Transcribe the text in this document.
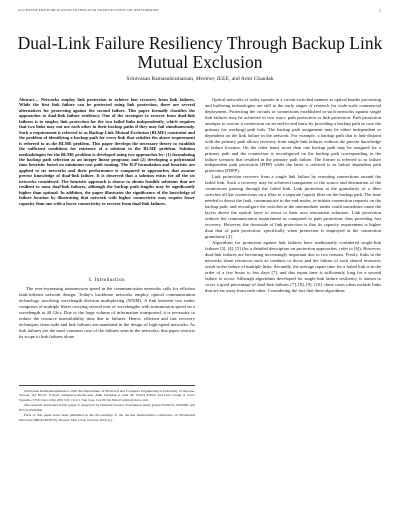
ACCEPTED FOR PUBLICATION IN IEEE/ACM TRANSACTIONS ON NETWORKING	1
Dual-Link Failure Resiliency Through Backup Link Mutual Exclusion
Srinivasan Ramasubramanian, Member, IEEE, and Amit Chandak

Abstract— Networks employ link protection to achieve fast recovery from link failures. While the first link failure can be protected using link protection, there are several alternatives for protecting against the second failure. This paper formally classifies the approaches to dual-link failure resiliency. One of the strategies to recover from dual-link failures is to employ link protection for the two failed links independently, which requires that two links may not use each other in their backup paths if they may fail simultaneously. Such a requirement is referred to as Backup Link Mutual Exclusion (BLME) constraint and the problem of identifying a backup path for every link that satisfies the above requirement is referred to as the BLME problem. This paper develops the necessary theory to establish the sufficient conditions for existence of a solution to the BLME problem. Solution methodologies for the BLME problem is developed using two approaches by: (1) formulating the backup path selection as an integer linear program; and (2) developing a polynomial time heuristic based on minimum cost path routing. The ILP formulation and heuristic are applied to six networks and their performance is compared to approaches that assume precise knowledge of dual-link failure. It is observed that a solution exists for all the six networks considered. The heuristic approach is shown to obtain feasible solutions that are resilient to most dual-link failures, although the backup path lengths may be significantly higher than optimal. In addition, the paper illustrates the significance of the knowledge of failure location by illustrating that network with higher connectivity may require lesser capacity than one with a lower connectivity to recover from dual-link failures.

I. Introduction

The ever-increasing transmission speed in the communication networks calls for efficient fault-tolerant network design. Today's backbone networks employ optical communication technology involving wavelength division multiplexing (WDM). A link between two nodes comprises of multiple fibers carrying several tens of wavelengths with transmission speed on a wavelength at 40 Gb/s. Due to the large volume of information transported, it is necessary to reduce the resource unavailability time due to failures. Hence, efficient and fast recovery techniques from node and link failures are mandated in the design of high-speed networks. As link failures are the most common case of the failures seen in the networks, this paper restricts its scope to link failures alone.

Srinivasan Ramasubramanian is with the Department of Electrical and Computer Engineering at University of Arizona, Tucson, AZ 85721. E-mail: srini@ece.arizona.edu. Amit Chandak is with the Switch Fabric and Line Group at Cisco Systems, 3750 Cisco Way, MS: SJC 15/2/1, San Jose, CA 95134. Email: amitc@cisco.com.

The research developed in this paper is supported by National Science Foundation under grants 0325979, 0435490, and ECCS-0524366.

Parts of this paper have been published in the Proceedings of the Second International Conference on Broadband Networks (BROADNETS), Boston, MA, USA, October 2005 [1].

Optical networks of today operate in a circuit-switched manner as optical header processing and buffering technologies are still in the early stages of research for wide-scale commercial deployment. Protecting the circuits or connections established in such networks against single link failures may be achieved in two ways: path protection or link protection. Path protection attempts to restore a connection on an end-to-end basis by providing a backup path in case the primary (or working) path fails. The backup path assignment may be either independent or dependent on the link failure in the network. For example, a backup path that is link-disjoint with the primary path allows recovery from single-link failures without the precise knowledge of failure location. On the other hand, more than one backup path may be assigned for a primary path and the connection is reconfigured on the backup path corresponding to the failure scenario that resulted in the primary path failure. The former is referred to as failure independent path protection (FIPP) while the latter is referred to as failure dependent path protection (FDPP).

Link protection recovers from a single link failure by rerouting connections around the failed link. Such a recovery may be achieved transparent to the source and destination of the connections passing through the failed link. Link protection at the granularity of a fiber switches all the connections on a fiber to a separate (spare) fiber on the backup path. The time needed to detect the fault, communicate to the end-nodes, re-initiate connection requests on the backup path, and reconfigure the switches at the intermediate nodes could sometimes cause the layers above the optical layer to resort to their own restoration solutions. Link protection reduces the communication requirement as compared to path protection, thus providing fast recovery. However, the downside of link protection is that its capacity requirement is higher than that of path protection, specifically when protection is employed at the connection granularity [2].

Algorithms for protection against link failures have traditionally considered single-link failures [3], [4], [5] (for a detailed description on protection approaches, refer to [6]). However, dual-link failures are becoming increasingly important due to two reasons. Firstly, links in the networks share resources such as conduits or ducts and the failure of such shared resources result in the failure of multiple links. Secondly, the average repair time for a failed link is in the order of a few hours to few days [7], and this repair time is sufficiently long for a second failure to occur. Although algorithms developed for single-link failure resiliency is shown to cover a good percentage of dual-link failures [7], [8], [9], [10], these cases often include links that are far away from each other. Considering the fact that these algorithms
